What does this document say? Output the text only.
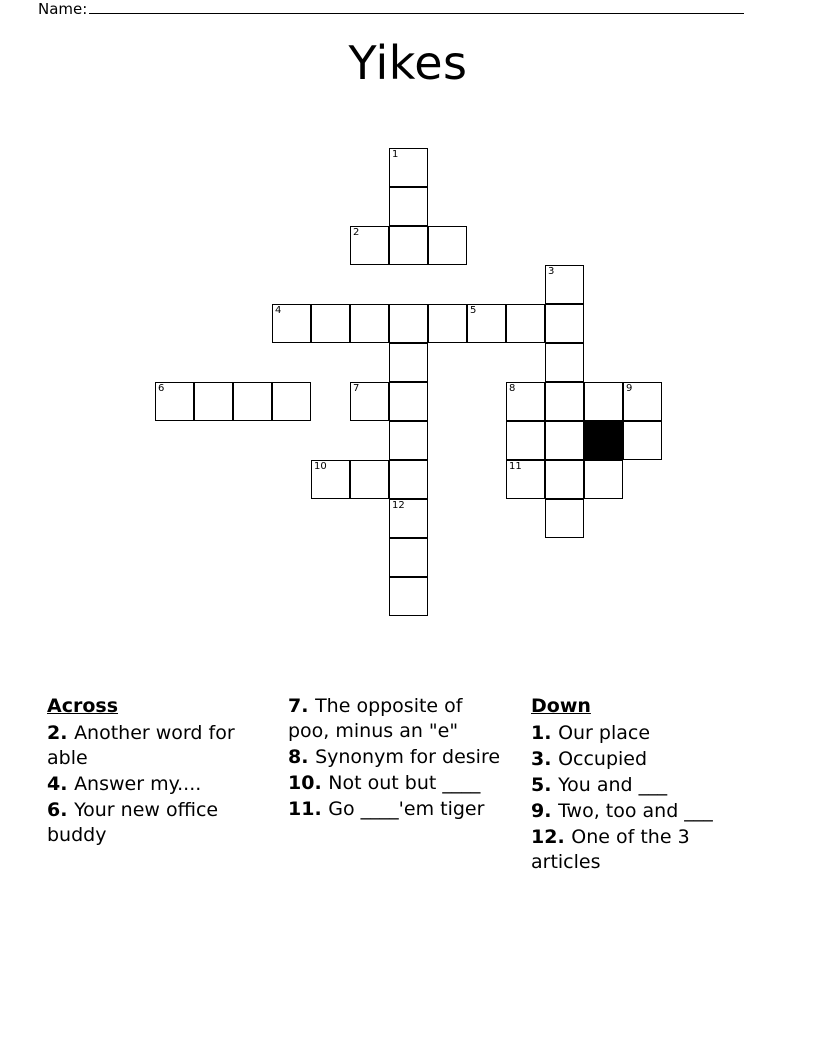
Name:
Yikes
1
2
3
4	5
6	7	8	9
10	11
12
Across
2. Another word for able
4. Answer my....
6. Your new office buddy
7. The opposite of poo, minus an "e"
8. Synonym for desire
10. Not out but ____
11. Go ____'em tiger
Down
1. Our place
3. Occupied
5. You and ___
9. Two, too and ___
12. One of the 3 articles
